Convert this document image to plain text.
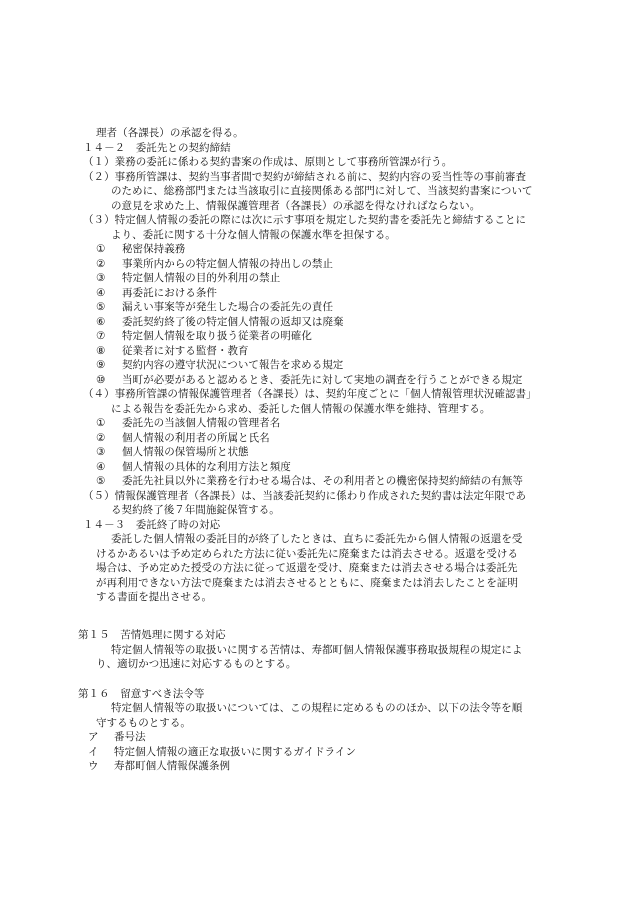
理者（各課長）の承認を得る。
１４－２　委託先との契約締結
（１）業務の委託に係わる契約書案の作成は、原則として事務所管課が行う。
（２）事務所管課は、契約当事者間で契約が締結される前に、契約内容の妥当性等の事前審査
のために、総務部門または当該取引に直接関係ある部門に対して、当該契約書案について
の意見を求めた上、情報保護管理者（各課長）の承認を得なければならない。
（３）特定個人情報の委託の際には次に示す事項を規定した契約書を委託先と締結することに
より、委託に関する十分な個人情報の保護水準を担保する。
① 秘密保持義務
② 事業所内からの特定個人情報の持出しの禁止
③ 特定個人情報の目的外利用の禁止
④ 再委託における条件
⑤ 漏えい事案等が発生した場合の委託先の責任
⑥ 委託契約終了後の特定個人情報の返却又は廃棄
⑦ 特定個人情報を取り扱う従業者の明確化
⑧ 従業者に対する監督・教育
⑨ 契約内容の遵守状況について報告を求める規定
⑩ 当町が必要があると認めるとき、委託先に対して実地の調査を行うことができる規定
（４）事務所管課の情報保護管理者（各課長）は、契約年度ごとに「個人情報管理状況確認書」
による報告を委託先から求め、委託した個人情報の保護水準を維持、管理する。
① 委託先の当該個人情報の管理者名
② 個人情報の利用者の所属と氏名
③ 個人情報の保管場所と状態
④ 個人情報の具体的な利用方法と頻度
⑤ 委託先社員以外に業務を行わせる場合は、その利用者との機密保持契約締結の有無等
（５）情報保護管理者（各課長）は、当該委託契約に係わり作成された契約書は法定年限であ
る契約終了後７年間施錠保管する。
１４－３　委託終了時の対応
委託した個人情報の委託目的が終了したときは、直ちに委託先から個人情報の返還を受
けるかあるいは予め定められた方法に従い委託先に廃棄または消去させる。返還を受ける
場合は、予め定めた授受の方法に従って返還を受け、廃棄または消去させる場合は委託先
が再利用できない方法で廃棄または消去させるとともに、廃棄または消去したことを証明
する書面を提出させる。
第１５　苦情処理に関する対応
特定個人情報等の取扱いに関する苦情は、寿都町個人情報保護事務取扱規程の規定によ
り、適切かつ迅速に対応するものとする。
第１６　留意すべき法令等
特定個人情報等の取扱いについては、この規程に定めるもののほか、以下の法令等を順
守するものとする。
ア 番号法
イ 特定個人情報の適正な取扱いに関するガイドライン
ウ 寿都町個人情報保護条例
